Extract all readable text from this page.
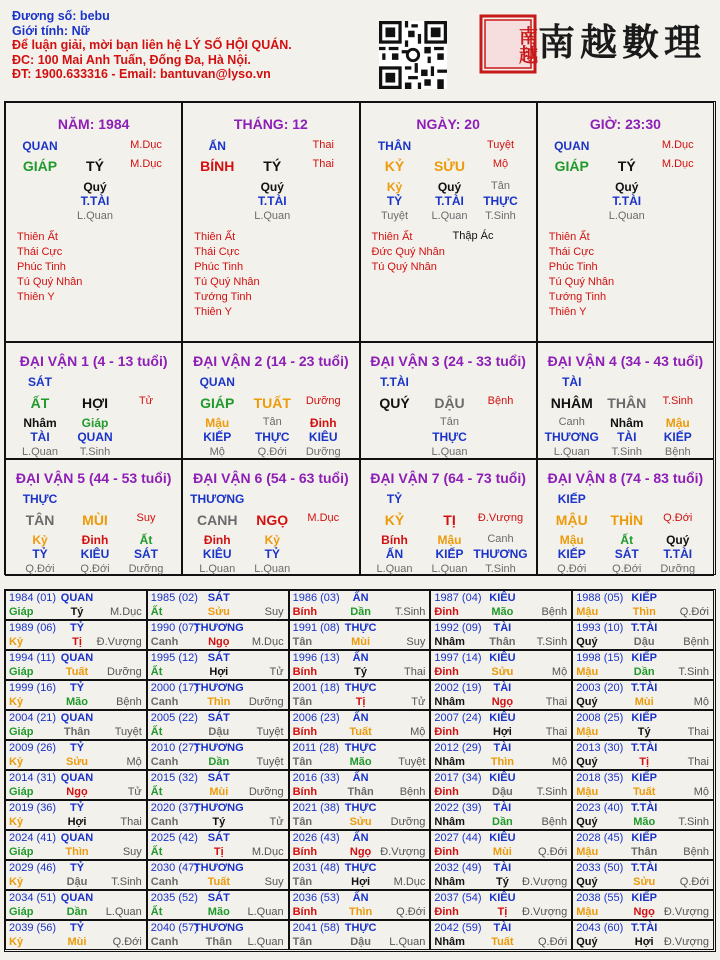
Đương số: bebu
Giới tính: Nữ
Để luận giải, mời bạn liên hệ LÝ SỐ HỘI QUÁN.
ĐC: 100 Mai Anh Tuấn, Đống Đa, Hà Nội.
ĐT: 1900.633316 - Email: bantuvan@lyso.vn
南越 南越數理
NĂM: 1984
QUAN	M.Dục
GIÁP TÝ M.Dục
Quý
T.TÀI
L.Quan
Thiên Ất
Thái Cực
Phúc Tinh
Tú Quý Nhân
Thiên Y
THÁNG: 12
ẤN	Thai
BÍNH TÝ	Thai
Quý
T.TÀI
L.Quan
Thiên Ất
Thái Cực
Phúc Tinh
Tú Quý Nhân
Tướng Tinh
Thiên Y
NGÀY: 20
THÂN	Tuyệt
KỶ SỬU	Mộ
Kỷ	Quý	Tân
TỶ	T.TÀI THỰC
Tuyệt L.Quan T.Sinh
Thiên Ất
Đức Quý Nhân
Tú Quý Nhân
Thập Ác
GIỜ: 23:30
QUAN	M.Dục
GIÁP TÝ M.Dục
Quý
T.TÀI
L.Quan
Thiên Ất
Thái Cực
Phúc Tinh
Tú Quý Nhân
Tướng Tinh
Thiên Y
ĐẠI VẬN 1 (4 - 13 tuổi)
SÁT
ẤT HỢI	Tử
Nhâm Giáp
TÀI QUAN
L.Quan T.Sinh
ĐẠI VẬN 2 (14 - 23 tuổi)
QUAN
GIÁP TUẤT Dưỡng
Mậu	Tân Đinh
KIẾP THỰC KIÊU
Mộ	Q.Đới Dưỡng
ĐẠI VẬN 3 (24 - 33 tuổi)
T.TÀI
QUÝ DẬU Bệnh
Tân
THỰC
L.Quan
ĐẠI VẬN 4 (34 - 43 tuổi)
TÀI
NHÂM THÂN T.Sinh
Canh Nhâm Mậu
THƯƠNG TÀI KIẾP
L.Quan T.Sinh Bệnh
ĐẠI VẬN 5 (44 - 53 tuổi)
THỰC
TÂN MÙI	Suy
Kỷ	Đinh	Ất
TỶ	KIÊU SÁT
Q.Đới Q.Đới Dưỡng
ĐẠI VẬN 6 (54 - 63 tuổi)
THƯƠNG
CANH NGỌ M.Dục
Đinh	Kỷ
KIÊU	TỶ
L.Quan L.Quan
ĐẠI VẬN 7 (64 - 73 tuổi)
TỶ
KỶ	TỊ Đ.Vượng
Bính Mậu Canh
ẤN	KIẾP THƯƠNG
L.Quan L.Quan T.Sinh
ĐẠI VẬN 8 (74 - 83 tuổi)
KIẾP
MẬU THÌN Q.Đới
Mậu	Ất	Quý
KIẾP SÁT T.TÀI
Q.Đới Q.Đới Dưỡng
1984 (01) QUAN
Giáp	Tý M.Dục
1985 (02) SÁT
Ất	Sửu	Suy
1986 (03) ẤN
Bính	Dần T.Sinh
1987 (04) KIÊU
Đinh	Mão	Bệnh
1988 (05) KIẾP
Mậu	Thìn Q.Đới
1989 (06) TỶ
Kỷ	Tị Đ.Vượng
1990 (07)
THƯƠNG
Canh	Ngọ M.Dục
1991 (08) THỰC
Tân	Mùi	Suy
1992 (09) TÀI
Nhâm Thân T.Sinh
1993 (10) T.TÀI
Quý	Dậu	Bệnh
1994 (11) QUAN
Giáp	Tuất Dưỡng
1995 (12) SÁT
Ất	Hợi	Tử
1996 (13) ẤN
Bính	Tý	Thai
1997 (14) KIÊU
Đinh	Sửu	Mộ
1998 (15) KIẾP
Mậu	Dần T.Sinh
1999 (16) TỶ
Kỷ	Mão	Bệnh
2000 (17)
THƯƠNG
Canh	Thìn Dưỡng
2001 (18) THỰC
Tân	Tị	Tử
2002 (19) TÀI
Nhâm Ngọ	Thai
2003 (20) T.TÀI
Quý	Mùi	Mộ
2004 (21) QUAN
Giáp	Thân Tuyệt
2005 (22) SÁT
Ất	Dậu Tuyệt
2006 (23) ẤN
Bính	Tuất	Mộ
2007 (24) KIÊU
Đinh	Hợi	Thai
2008 (25) KIẾP
Mậu	Tý	Thai
2009 (26) TỶ
Kỷ	Sửu	Mộ
2010 (27)
THƯƠNG
Canh	Dần Tuyệt
2011 (28) THỰC
Tân	Mão Tuyệt
2012 (29) TÀI
Nhâm Thìn	Mộ
2013 (30) T.TÀI
Quý	Tị	Thai
2014 (31) QUAN
Giáp	Ngọ	Tử
2015 (32) SÁT
Ất	Mùi Dưỡng
2016 (33) ẤN
Bính	Thân Bệnh
2017 (34) KIÊU
Đinh	Dậu T.Sinh
2018 (35) KIẾP
Mậu	Tuất	Mộ
2019 (36) TỶ
Kỷ	Hợi	Thai
2020 (37)
THƯƠNG
Canh	Tý	Tử
2021 (38) THỰC
Tân	Sửu Dưỡng
2022 (39) TÀI
Nhâm Dần	Bệnh
2023 (40) T.TÀI
Quý	Mão T.Sinh
2024 (41) QUAN
Giáp	Thìn	Suy
2025 (42) SÁT
Ất	Tị	M.Dục
2026 (43) ẤN
Bính	Ngọ Đ.Vượng
2027 (44) KIÊU
Đinh	Mùi Q.Đới
2028 (45) KIẾP
Mậu	Thân Bệnh
2029 (46) TỶ
Kỷ	Dậu T.Sinh
2030 (47)
THƯƠNG
Canh	Tuất	Suy
2031 (48) THỰC
Tân	Hợi M.Dục
2032 (49) TÀI
Nhâm	Tý Đ.Vượng
2033 (50) T.TÀI
Quý	Sửu Q.Đới
2034 (51) QUAN
Giáp	Dần L.Quan
2035 (52) SÁT
Ất	Mão L.Quan
2036 (53) ẤN
Bính	Thìn Q.Đới
2037 (54) KIÊU
Đinh	Tị Đ.Vượng
2038 (55) KIẾP
Mậu	Ngọ Đ.Vượng
2039 (56) TỶ
Kỷ	Mùi Q.Đới
2040 (57)
THƯƠNG
Canh Thân L.Quan
2041 (58) THỰC
Tân	Dậu L.Quan
2042 (59) TÀI
Nhâm Tuất Q.Đới
2043 (60) T.TÀI
Quý	Hợi Đ.Vượng
